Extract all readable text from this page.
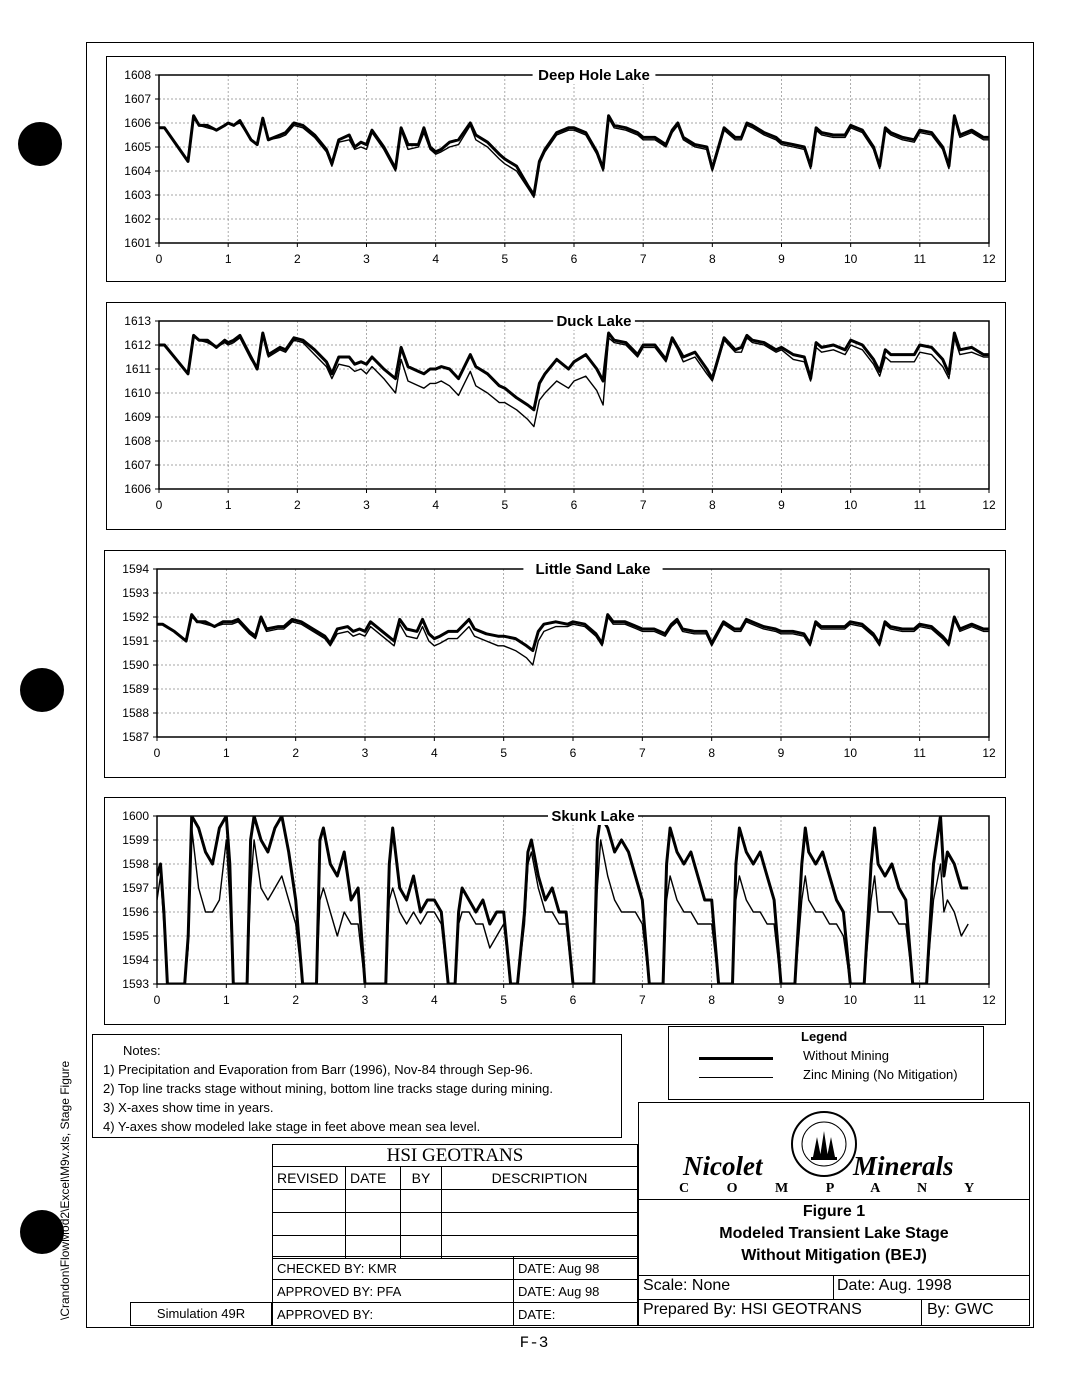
\Crandon\FlowMod2\Excel\M9v.xls, Stage Figure
0	1	2	3	4	5	6	7	8	9	10	11	12
1608
1607
1606
1605
1604
1603
1602
1601
Deep Hole Lake
0	1	2	3	4	5	6	7	8	9	10	11	12
1613
1612
1611
1610
1609
1608
1607
1606
Duck Lake
0	1	2	3	4	5	6	7	8	9	10	11	12
1594
1593
1592
1591
1590
1589
1588
1587
Little Sand Lake
0	1	2	3	4	5	6	7	8	9	10	11	12
1600
1599
1598
1597
1596
1595
1594
1593
Skunk Lake
Notes:
1) Precipitation and Evaporation from Barr (1996), Nov-84 through Sep-96.
2) Top line tracks stage without mining, bottom line tracks stage during mining.
3) X-axes show time in years.
4) Y-axes show modeled lake stage in feet above mean sea level.
Legend
Without Mining
Zinc Mining (No Mitigation)
HSI GEOTRANS
REVISED	DATE	BY	DESCRIPTION

CHECKED BY: KMR	DATE: Aug 98
APPROVED BY: PFA	DATE: Aug 98
APPROVED BY:	DATE:
Simulation 49R
Nicolet	Minerals
C O M P A N Y
Figure 1
Modeled Transient Lake Stage
Without Mitigation (BEJ)
Scale: None	Date: Aug. 1998
Prepared By: HSI GEOTRANS	By: GWC
F-3
